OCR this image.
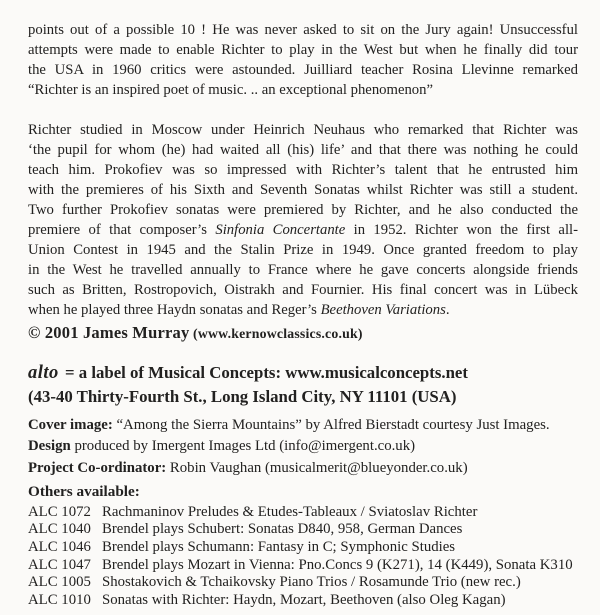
points out of a possible 10 ! He was never asked to sit on the Jury again! Unsuccessful
attempts were made to enable Richter to play in the West but when he finally did tour
the USA in 1960 critics were astounded. Juilliard teacher Rosina Llevinne remarked
“Richter is an inspired poet of music. .. an exceptional phenomenon”
Richter studied in Moscow under Heinrich Neuhaus who remarked that Richter was
‘the pupil for whom (he) had waited all (his) life’ and that there was nothing he could
teach him. Prokofiev was so impressed with Richter’s talent that he entrusted him
with the premieres of his Sixth and Seventh Sonatas whilst Richter was still a student.
Two further Prokofiev sonatas were premiered by Richter, and he also conducted the
premiere of that composer’s Sinfonia Concertante in 1952. Richter won the first all-
Union Contest in 1945 and the Stalin Prize in 1949. Once granted freedom to play
in the West he travelled annually to France where he gave concerts alongside friends
such as Britten, Rostropovich, Oistrakh and Fournier. His final concert was in Lübeck
when he played three Haydn sonatas and Reger’s Beethoven Variations.
© 2001 James Murray (www.kernowclassics.co.uk)
alto = a label of Musical Concepts: www.musicalconcepts.net
(43-40 Thirty-Fourth St., Long Island City, NY 11101 (USA)
Cover image: “Among the Sierra Mountains” by Alfred Bierstadt courtesy Just Images.
Design produced by Imergent Images Ltd (info@imergent.co.uk)
Project Co-ordinator: Robin Vaughan (musicalmerit@blueyonder.co.uk)
Others available:
ALC 1072 Rachmaninov Preludes & Etudes-Tableaux / Sviatoslav Richter
ALC 1040 Brendel plays Schubert: Sonatas D840, 958, German Dances
ALC 1046 Brendel plays Schumann: Fantasy in C; Symphonic Studies
ALC 1047 Brendel plays Mozart in Vienna: Pno.Concs 9 (K271), 14 (K449), Sonata K310
ALC 1005 Shostakovich & Tchaikovsky Piano Trios / Rosamunde Trio (new rec.)
ALC 1010 Sonatas with Richter: Haydn, Mozart, Beethoven (also Oleg Kagan)
